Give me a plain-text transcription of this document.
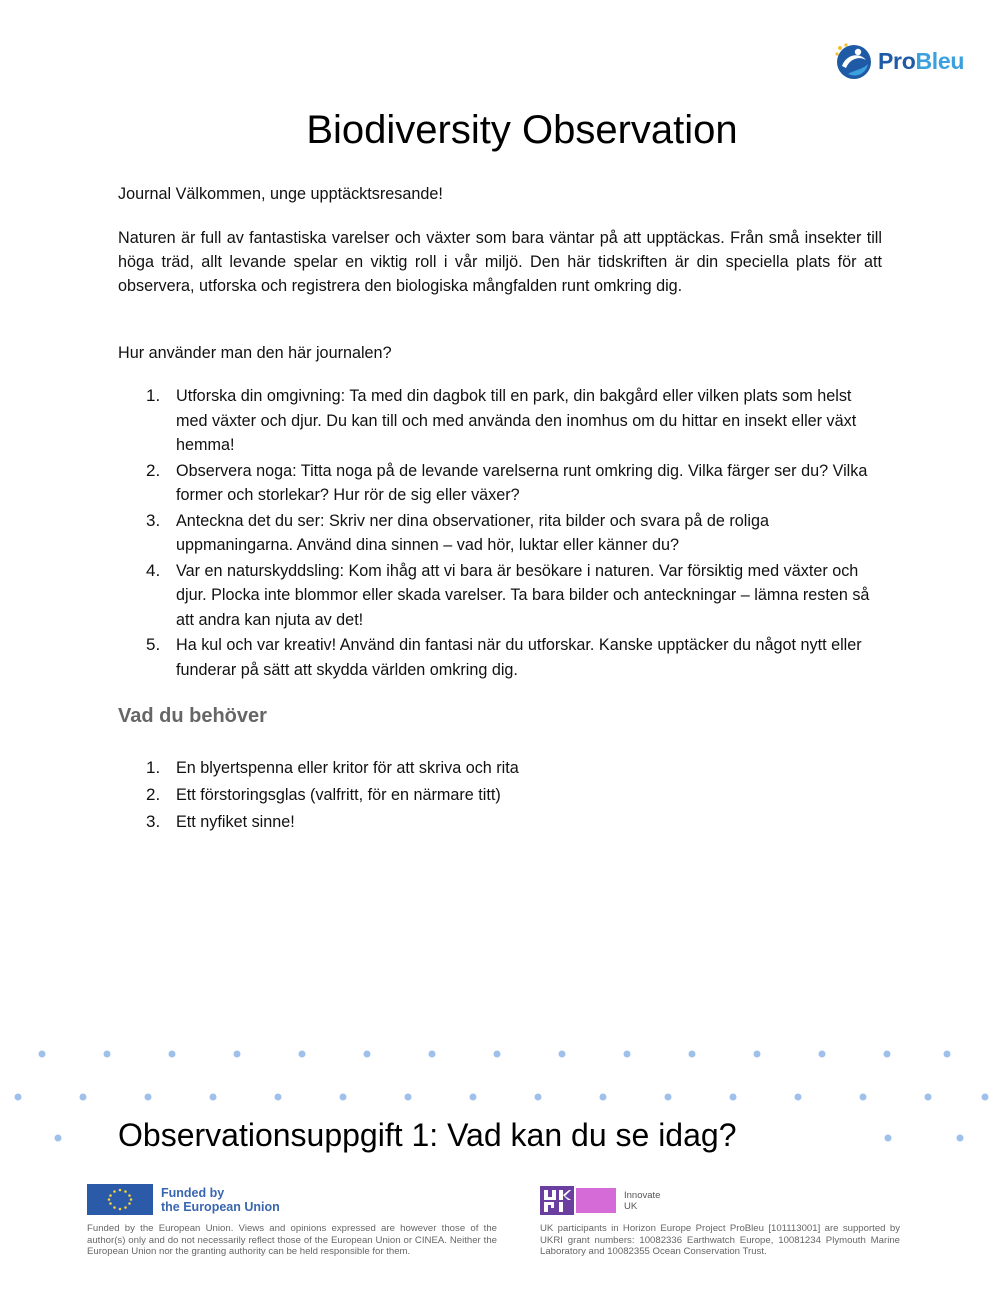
ProBleu
Biodiversity Observation

Journal Välkommen, unge upptäcktsresande!

Naturen är full av fantastiska varelser och växter som bara väntar på att upptäckas. Från små insekter till höga träd, allt levande spelar en viktig roll i vår miljö. Den här tidskriften är din speciella plats för att observera, utforska och registrera den biologiska mångfalden runt omkring dig.

Hur använder man den här journalen?

1. Utforska din omgivning: Ta med din dagbok till en park, din bakgård eller vilken plats som helst med växter och djur. Du kan till och med använda den inomhus om du hittar en insekt eller växt hemma!
2. Observera noga: Titta noga på de levande varelserna runt omkring dig. Vilka färger ser du? Vilka former och storlekar? Hur rör de sig eller växer?
3. Anteckna det du ser: Skriv ner dina observationer, rita bilder och svara på de roliga uppmaningarna. Använd dina sinnen – vad hör, luktar eller känner du?
4. Var en naturskyddsling: Kom ihåg att vi bara är besökare i naturen. Var försiktig med växter och djur. Plocka inte blommor eller skada varelser. Ta bara bilder och anteckningar – lämna resten så att andra kan njuta av det!
5. Ha kul och var kreativ! Använd din fantasi när du utforskar. Kanske upptäcker du något nytt eller funderar på sätt att skydda världen omkring dig.
Vad du behöver
1. En blyertspenna eller kritor för att skriva och rita
2. Ett förstoringsglas (valfritt, för en närmare titt)
3. Ett nyfiket sinne!
Observationsuppgift 1: Vad kan du se idag?
Funded by
the European Union

Funded by the European Union. Views and opinions expressed are however those of the author(s) only and do not necessarily reflect those of the European Union or CINEA. Neither the European Union nor the granting authority can be held responsible for them.

Innovate
UK

UK participants in Horizon Europe Project ProBleu [101113001] are supported by UKRI grant numbers: 10082336 Earthwatch Europe, 10081234 Plymouth Marine Laboratory and 10082355 Ocean Conservation Trust.
